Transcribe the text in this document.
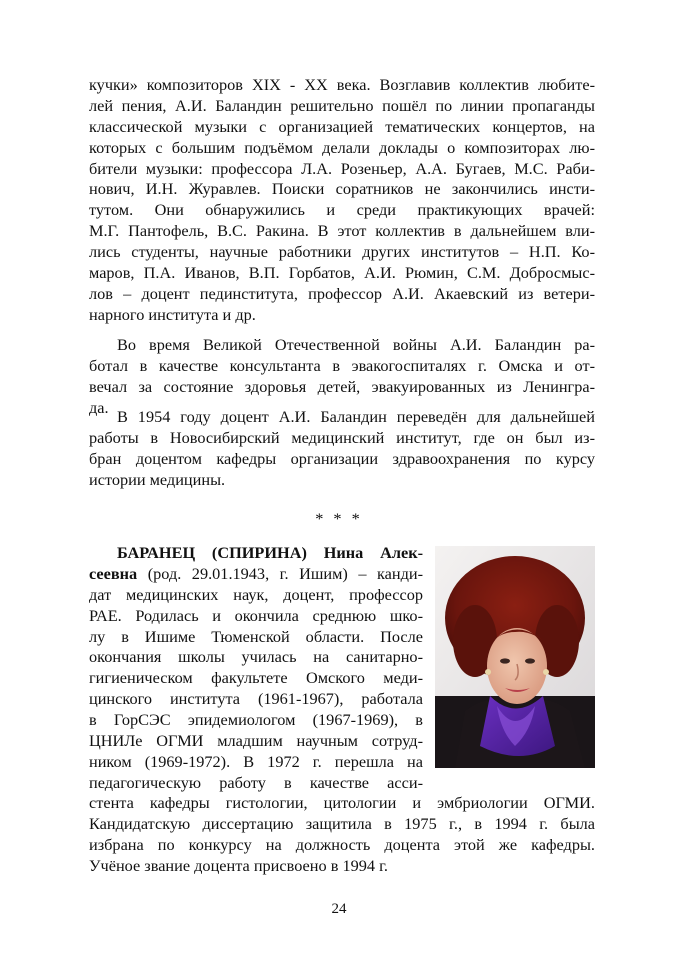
кучки» композиторов XIX - XX века. Возглавив коллектив любите-
лей пения, А.И. Баландин решительно пошёл по линии пропаганды
классической музыки с организацией тематических концертов, на
которых с большим подъёмом делали доклады о композиторах лю-
бители музыки: профессора Л.А. Розеньер, А.А. Бугаев, М.С. Раби-
нович, И.Н. Журавлев. Поиски соратников не закончились инсти-
тутом. Они обнаружились и среди практикующих врачей:
М.Г. Пантофель, В.С. Ракина. В этот коллектив в дальнейшем вли-
лись студенты, научные работники других институтов – Н.П. Ко-
маров, П.А. Иванов, В.П. Горбатов, А.И. Рюмин, С.М. Добросмыс-
лов – доцент пединститута, профессор А.И. Акаевский из ветери-
нарного института и др.
Во время Великой Отечественной войны А.И. Баландин ра-
ботал в качестве консультанта в эвакогоспиталях г. Омска и от-
вечал за состояние здоровья детей, эвакуированных из Ленингра-
да. В 1954 году доцент А.И. Баландин переведён для дальнейшей
работы в Новосибирский медицинский институт, где он был из-
бран доцентом кафедры организации здравоохранения по курсу
истории медицины.
* * *
БАРАНЕЦ (СПИРИНА) Нина Алек-
сеевна (род. 29.01.1943, г. Ишим) – канди-
дат медицинских наук, доцент, профессор
РАЕ. Родилась и окончила среднюю шко-
лу в Ишиме Тюменской области. После
окончания школы училась на санитарно-
гигиеническом факультете Омского меди-
цинского института (1961-1967), работала
в ГорСЭС эпидемиологом (1967-1969), в
ЦНИЛе ОГМИ младшим научным сотруд-
ником (1969-1972). В 1972 г. перешла на
педагогическую работу в качестве асси-
стента кафедры гистологии, цитологии и эмбриологии ОГМИ.
Кандидатскую диссертацию защитила в 1975 г., в 1994 г. была
избрана по конкурсу на должность доцента этой же кафедры.
Учёное звание доцента присвоено в 1994 г.
24
